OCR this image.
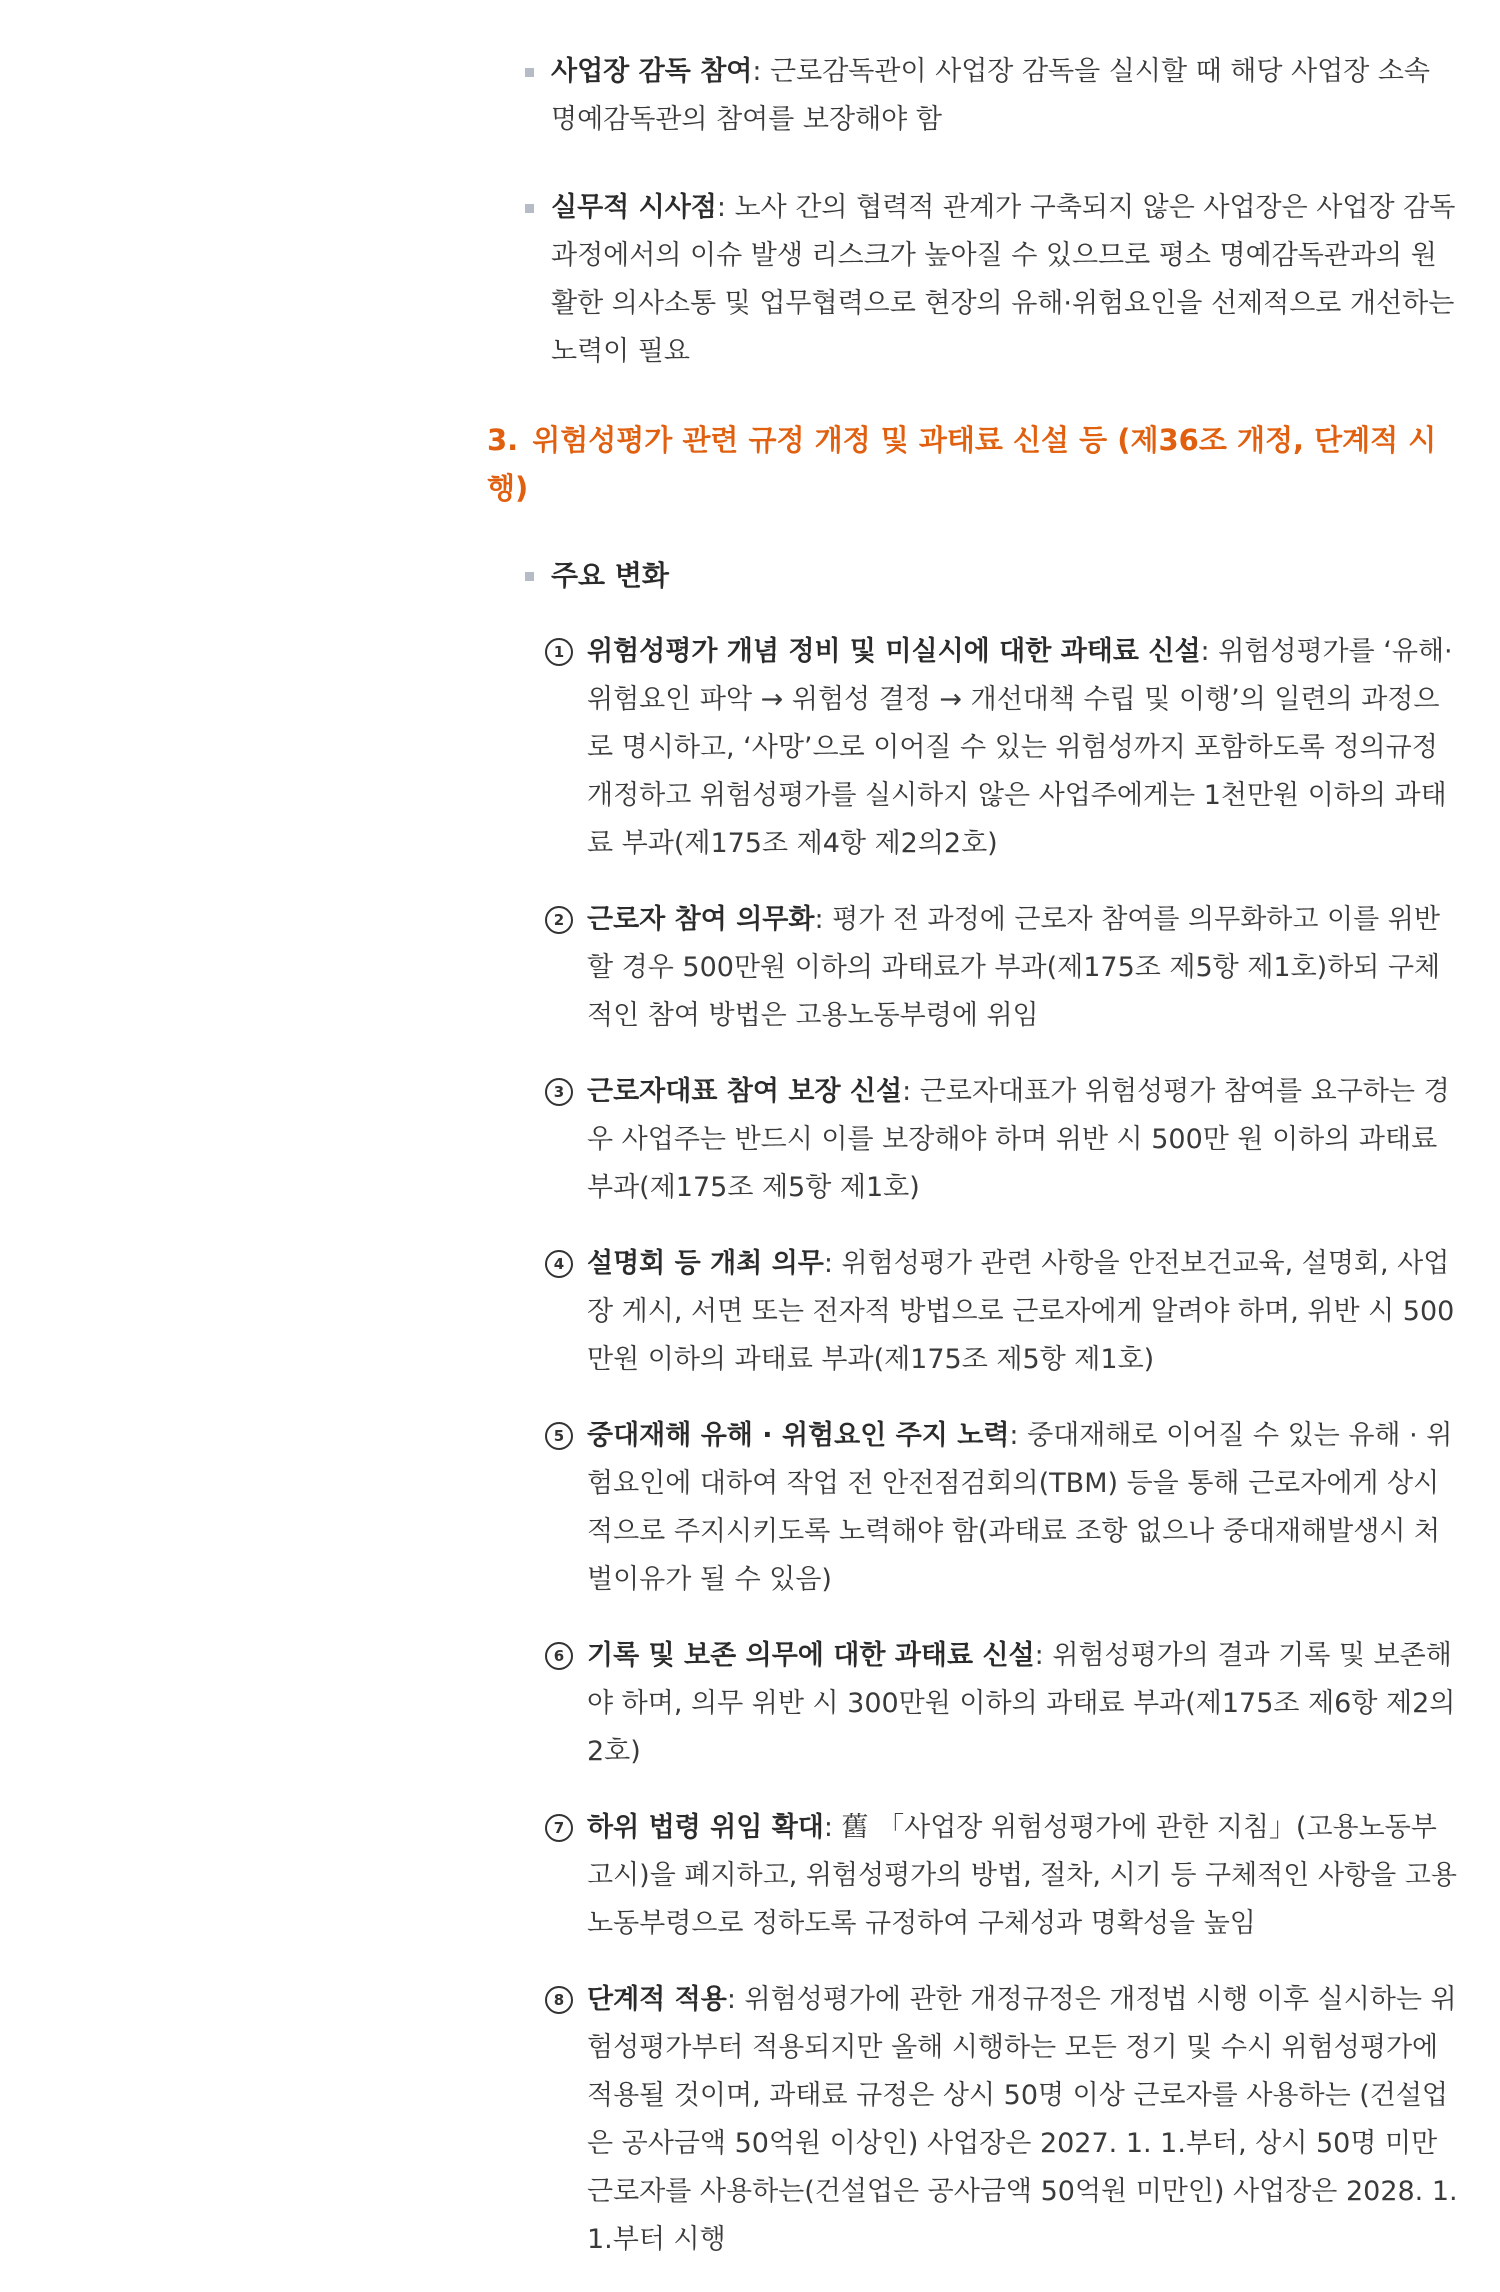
사업장 감독 참여: 근로감독관이 사업장 감독을 실시할 때 해당 사업장 소속 명예감독관의 참여를 보장해야 함
실무적 시사점: 노사 간의 협력적 관계가 구축되지 않은 사업장은 사업장 감독 과정에서의 이슈 발생 리스크가 높아질 수 있으므로 평소 명예감독관과의 원활한 의사소통 및 업무협력으로 현장의 유해·위험요인을 선제적으로 개선하는 노력이 필요
3. 위험성평가 관련 규정 개정 및 과태료 신설 등 (제36조 개정, 단계적 시행)
주요 변화
1 위험성평가 개념 정비 및 미실시에 대한 과태료 신설: 위험성평가를 ‘유해·위험요인 파악 → 위험성 결정 → 개선대책 수립 및 이행’의 일련의 과정으로 명시하고, ‘사망’으로 이어질 수 있는 위험성까지 포함하도록 정의규정 개정하고 위험성평가를 실시하지 않은 사업주에게는 1천만원 이하의 과태료 부과(제175조 제4항 제2의2호)
2 근로자 참여 의무화: 평가 전 과정에 근로자 참여를 의무화하고 이를 위반할 경우 500만원 이하의 과태료가 부과(제175조 제5항 제1호)하되 구체적인 참여 방법은 고용노동부령에 위임
3 근로자대표 참여 보장 신설: 근로자대표가 위험성평가 참여를 요구하는 경우 사업주는 반드시 이를 보장해야 하며 위반 시 500만 원 이하의 과태료 부과(제175조 제5항 제1호)
4 설명회 등 개최 의무: 위험성평가 관련 사항을 안전보건교육, 설명회, 사업장 게시, 서면 또는 전자적 방법으로 근로자에게 알려야 하며, 위반 시 500만원 이하의 과태료 부과(제175조 제5항 제1호)
5 중대재해 유해 · 위험요인 주지 노력: 중대재해로 이어질 수 있는 유해 · 위험요인에 대하여 작업 전 안전점검회의(TBM) 등을 통해 근로자에게 상시적으로 주지시키도록 노력해야 함(과태료 조항 없으나 중대재해발생시 처벌이유가 될 수 있음)
6 기록 및 보존 의무에 대한 과태료 신설: 위험성평가의 결과 기록 및 보존해야 하며, 의무 위반 시 300만원 이하의 과태료 부과(제175조 제6항 제2의2호)
7 하위 법령 위임 확대: 舊 「사업장 위험성평가에 관한 지침」(고용노동부고시)을 폐지하고, 위험성평가의 방법, 절차, 시기 등 구체적인 사항을 고용노동부령으로 정하도록 규정하여 구체성과 명확성을 높임
8 단계적 적용: 위험성평가에 관한 개정규정은 개정법 시행 이후 실시하는 위험성평가부터 적용되지만 올해 시행하는 모든 정기 및 수시 위험성평가에 적용될 것이며, 과태료 규정은 상시 50명 이상 근로자를 사용하는 (건설업은 공사금액 50억원 이상인) 사업장은 2027. 1. 1.부터, 상시 50명 미만 근로자를 사용하는(건설업은 공사금액 50억원 미만인) 사업장은 2028. 1. 1.부터 시행
